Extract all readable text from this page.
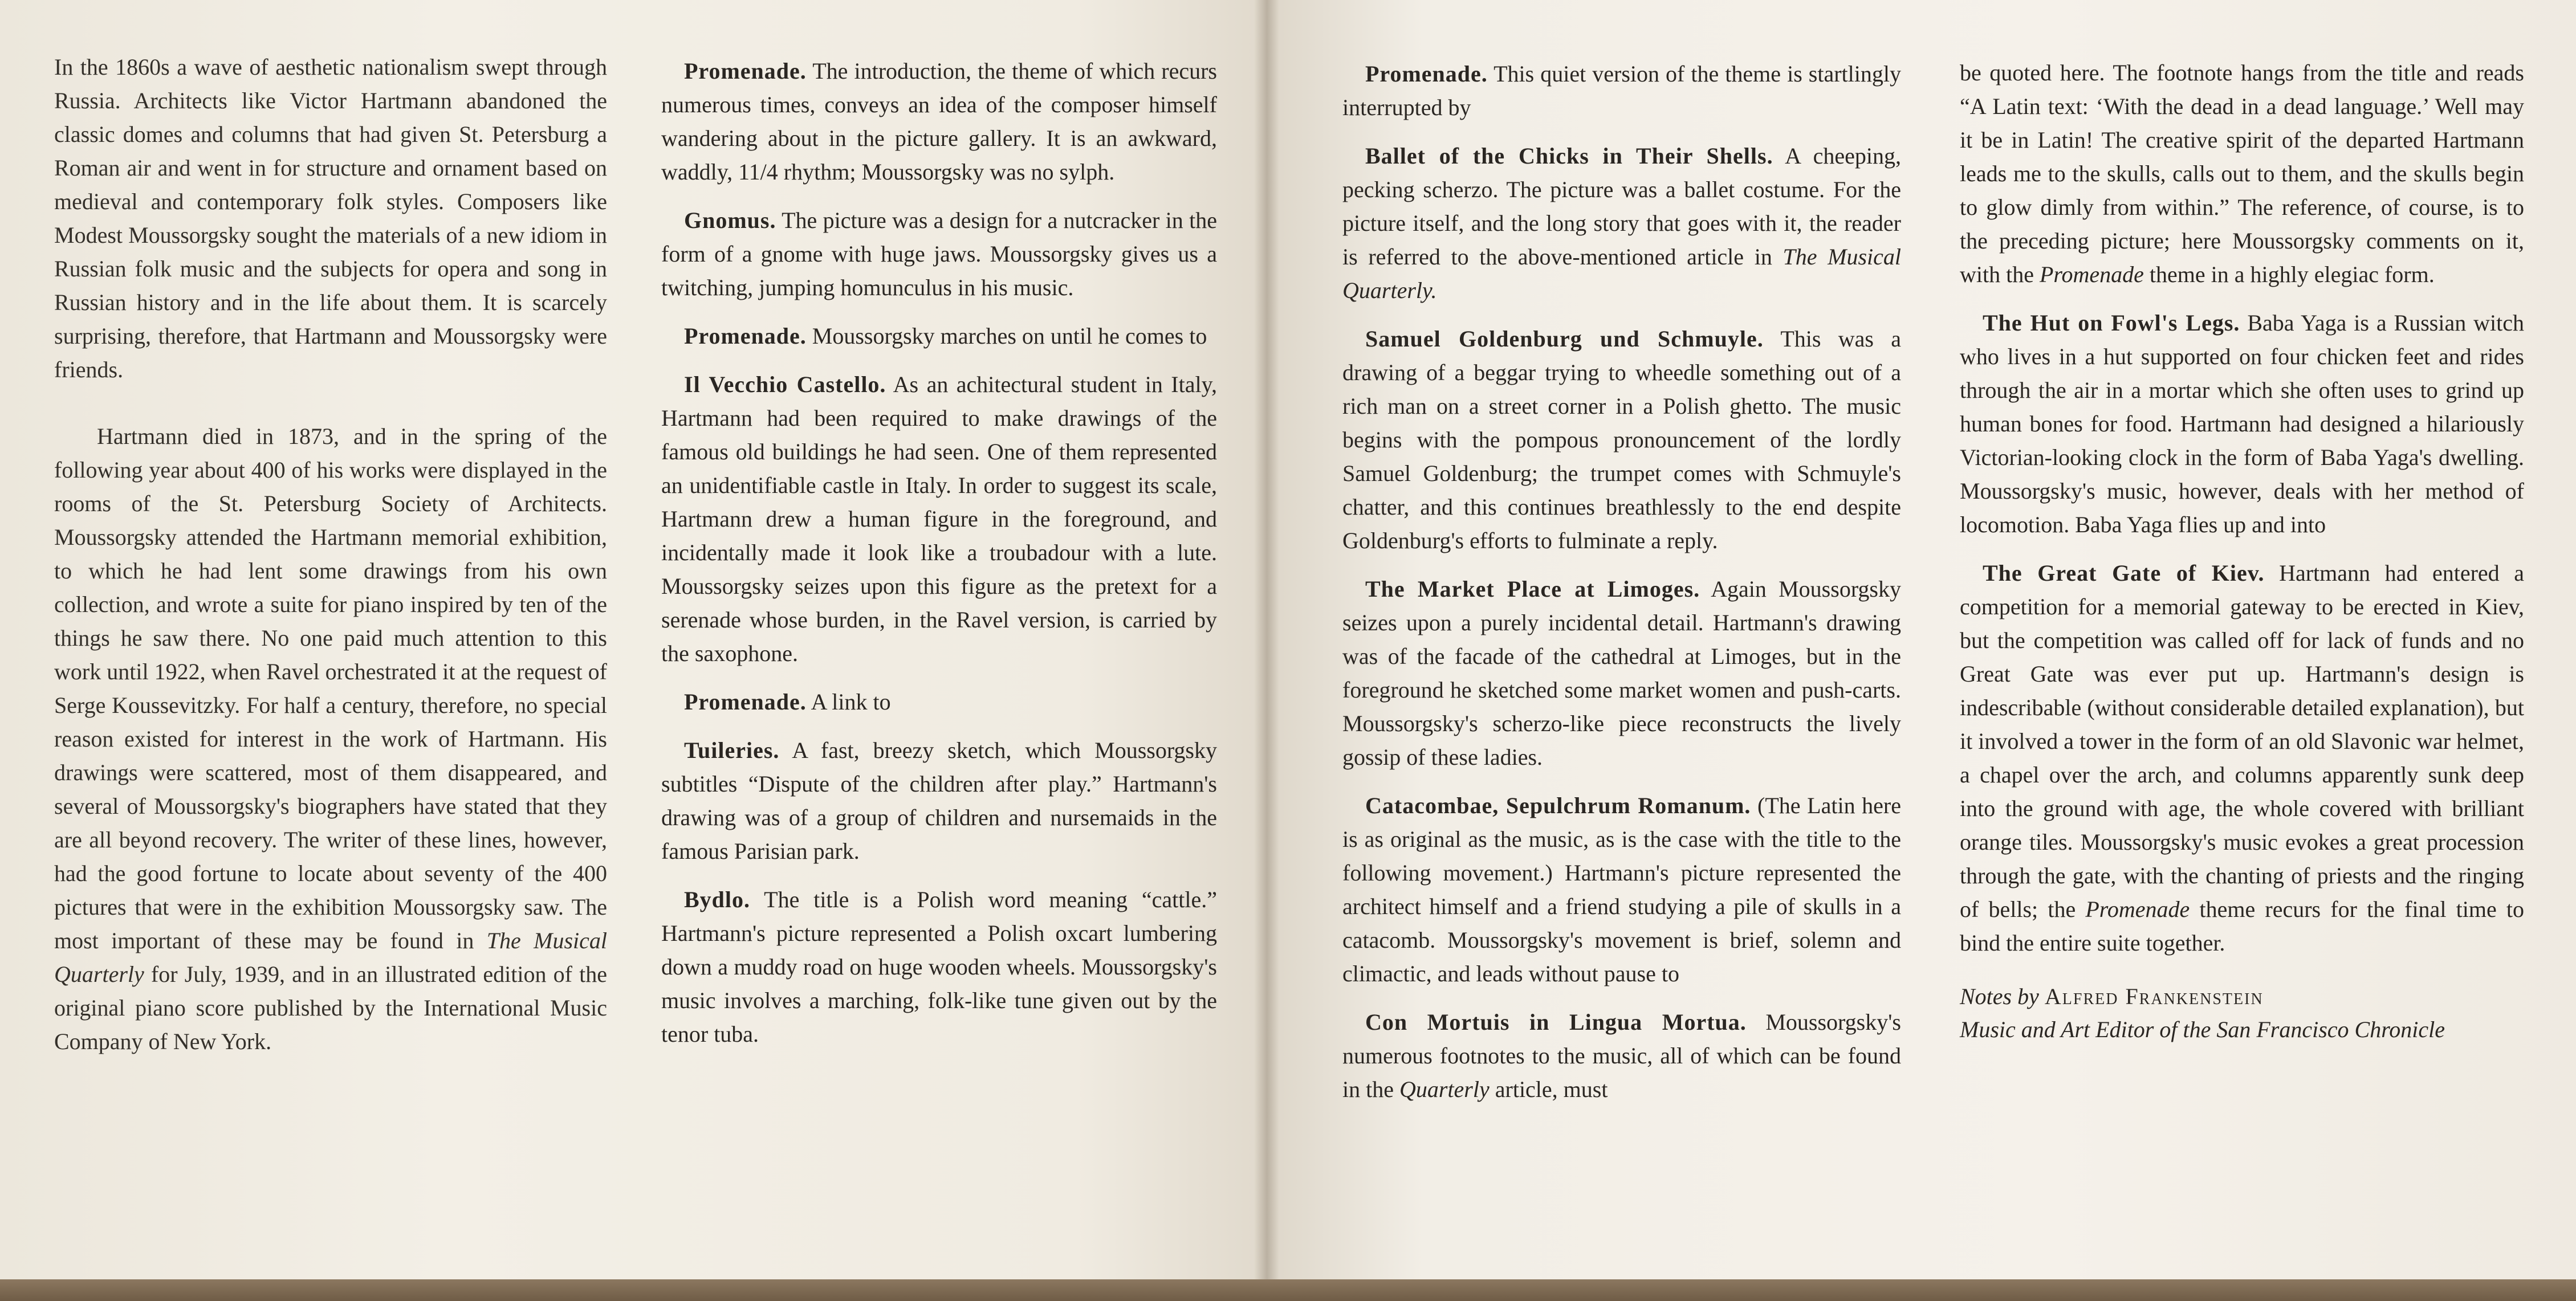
In the 1860s a wave of aesthetic nationalism swept through Russia. Architects like Victor Hartmann abandoned the classic domes and columns that had given St. Petersburg a Roman air and went in for structure and ornament based on medieval and contemporary folk styles. Composers like Modest Moussorgsky sought the materials of a new idiom in Russian folk music and the subjects for opera and song in Russian history and in the life about them. It is scarcely surprising, therefore, that Hartmann and Moussorgsky were friends.

Hartmann died in 1873, and in the spring of the following year about 400 of his works were displayed in the rooms of the St. Petersburg Society of Architects. Moussorgsky attended the Hartmann memorial exhibition, to which he had lent some drawings from his own collection, and wrote a suite for piano inspired by ten of the things he saw there. No one paid much attention to this work until 1922, when Ravel orchestrated it at the request of Serge Koussevitzky. For half a century, therefore, no special reason existed for interest in the work of Hartmann. His drawings were scattered, most of them disappeared, and several of Moussorgsky's biographers have stated that they are all beyond recovery. The writer of these lines, however, had the good fortune to locate about seventy of the 400 pictures that were in the exhibition Moussorgsky saw. The most important of these may be found in The Musical Quarterly for July, 1939, and in an illustrated edition of the original piano score published by the International Music Company of New York.

Promenade. The introduction, the theme of which recurs numerous times, conveys an idea of the composer himself wandering about in the picture gallery. It is an awkward, waddly, 11/4 rhythm; Moussorgsky was no sylph.

Gnomus. The picture was a design for a nutcracker in the form of a gnome with huge jaws. Moussorgsky gives us a twitching, jumping homunculus in his music.

Promenade. Moussorgsky marches on until he comes to

Il Vecchio Castello. As an achitectural student in Italy, Hartmann had been required to make drawings of the famous old buildings he had seen. One of them represented an unidentifiable castle in Italy. In order to suggest its scale, Hartmann drew a human figure in the foreground, and incidentally made it look like a troubadour with a lute. Moussorgsky seizes upon this figure as the pretext for a serenade whose burden, in the Ravel version, is carried by the saxophone.

Promenade. A link to

Tuileries. A fast, breezy sketch, which Moussorgsky subtitles “Dispute of the children after play.” Hartmann's drawing was of a group of children and nursemaids in the famous Parisian park.

Bydlo. The title is a Polish word meaning “cattle.” Hartmann's picture represented a Polish oxcart lumbering down a muddy road on huge wooden wheels. Moussorgsky's music involves a marching, folk-like tune given out by the tenor tuba.

Promenade. This quiet version of the theme is startlingly interrupted by

Ballet of the Chicks in Their Shells. A cheeping, pecking scherzo. The picture was a ballet costume. For the picture itself, and the long story that goes with it, the reader is referred to the above-mentioned article in The Musical Quarterly.

Samuel Goldenburg und Schmuyle. This was a drawing of a beggar trying to wheedle something out of a rich man on a street corner in a Polish ghetto. The music begins with the pompous pronouncement of the lordly Samuel Goldenburg; the trumpet comes with Schmuyle's chatter, and this continues breathlessly to the end despite Goldenburg's efforts to fulminate a reply.

The Market Place at Limoges. Again Moussorgsky seizes upon a purely incidental detail. Hartmann's drawing was of the facade of the cathedral at Limoges, but in the foreground he sketched some market women and push-carts. Moussorgsky's scherzo-like piece reconstructs the lively gossip of these ladies.

Catacombae, Sepulchrum Romanum. (The Latin here is as original as the music, as is the case with the title to the following movement.) Hartmann's picture represented the architect himself and a friend studying a pile of skulls in a catacomb. Moussorgsky's movement is brief, solemn and climactic, and leads without pause to

Con Mortuis in Lingua Mortua. Moussorgsky's numerous footnotes to the music, all of which can be found in the Quarterly article, must

be quoted here. The footnote hangs from the title and reads “A Latin text: ‘With the dead in a dead language.’ Well may it be in Latin! The creative spirit of the departed Hartmann leads me to the skulls, calls out to them, and the skulls begin to glow dimly from within.” The reference, of course, is to the preceding picture; here Moussorgsky comments on it, with the Promenade theme in a highly elegiac form.

The Hut on Fowl's Legs. Baba Yaga is a Russian witch who lives in a hut supported on four chicken feet and rides through the air in a mortar which she often uses to grind up human bones for food. Hartmann had designed a hilariously Victorian-looking clock in the form of Baba Yaga's dwelling. Moussorgsky's music, however, deals with her method of locomotion. Baba Yaga flies up and into

The Great Gate of Kiev. Hartmann had entered a competition for a memorial gateway to be erected in Kiev, but the competition was called off for lack of funds and no Great Gate was ever put up. Hartmann's design is indescribable (without considerable detailed explanation), but it involved a tower in the form of an old Slavonic war helmet, a chapel over the arch, and columns apparently sunk deep into the ground with age, the whole covered with brilliant orange tiles. Moussorgsky's music evokes a great procession through the gate, with the chanting of priests and the ringing of bells; the Promenade theme recurs for the final time to bind the entire suite together.

Notes by Alfred Frankenstein
Music and Art Editor of the San Francisco Chronicle
